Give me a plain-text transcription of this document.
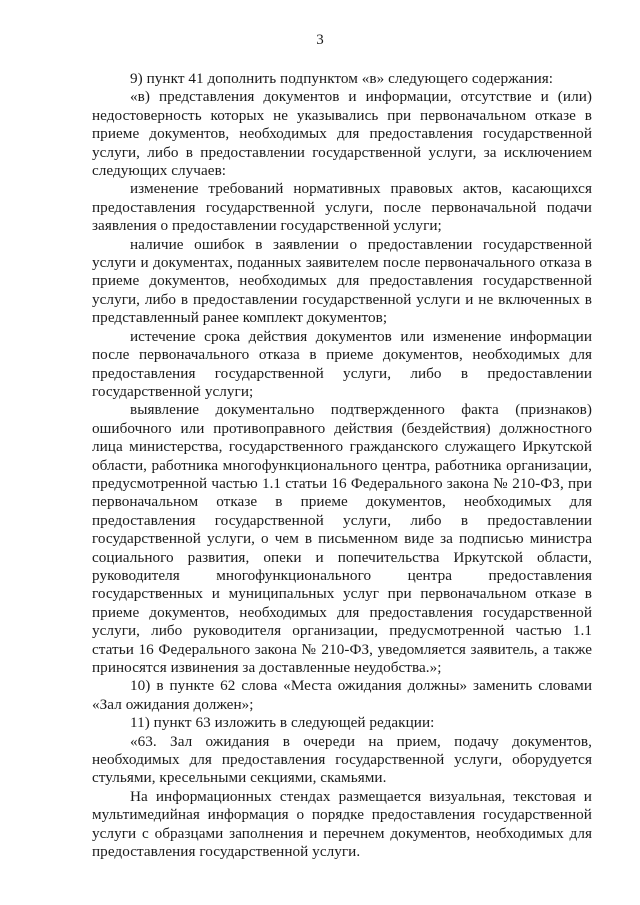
3

9) пункт 41 дополнить подпунктом «в» следующего содержания:

«в) представления документов и информации, отсутствие и (или) недостоверность которых не указывались при первоначальном отказе в приеме документов, необходимых для предоставления государственной услуги, либо в предоставлении государственной услуги, за исключением следующих случаев:

изменение требований нормативных правовых актов, касающихся предоставления государственной услуги, после первоначальной подачи заявления о предоставлении государственной услуги;

наличие ошибок в заявлении о предоставлении государственной услуги и документах, поданных заявителем после первоначального отказа в приеме документов, необходимых для предоставления государственной услуги, либо в предоставлении государственной услуги и не включенных в представленный ранее комплект документов;

истечение срока действия документов или изменение информации после первоначального отказа в приеме документов, необходимых для предоставления государственной услуги, либо в предоставлении государственной услуги;

выявление документально подтвержденного факта (признаков) ошибочного или противоправного действия (бездействия) должностного лица министерства, государственного гражданского служащего Иркутской области, работника многофункционального центра, работника организации, предусмотренной частью 1.1 статьи 16 Федерального закона № 210-ФЗ, при первоначальном отказе в приеме документов, необходимых для предоставления государственной услуги, либо в предоставлении государственной услуги, о чем в письменном виде за подписью министра социального развития, опеки и попечительства Иркутской области, руководителя многофункционального центра предоставления государственных и муниципальных услуг при первоначальном отказе в приеме документов, необходимых для предоставления государственной услуги, либо руководителя организации, предусмотренной частью 1.1 статьи 16 Федерального закона № 210-ФЗ, уведомляется заявитель, а также приносятся извинения за доставленные неудобства.»;

10) в пункте 62 слова «Места ожидания должны» заменить словами «Зал ожидания должен»;

11) пункт 63 изложить в следующей редакции:

«63. Зал ожидания в очереди на прием, подачу документов, необходимых для предоставления государственной услуги, оборудуется стульями, кресельными секциями, скамьями.

На информационных стендах размещается визуальная, текстовая и мультимедийная информация о порядке предоставления государственной услуги с образцами заполнения и перечнем документов, необходимых для предоставления государственной услуги.
